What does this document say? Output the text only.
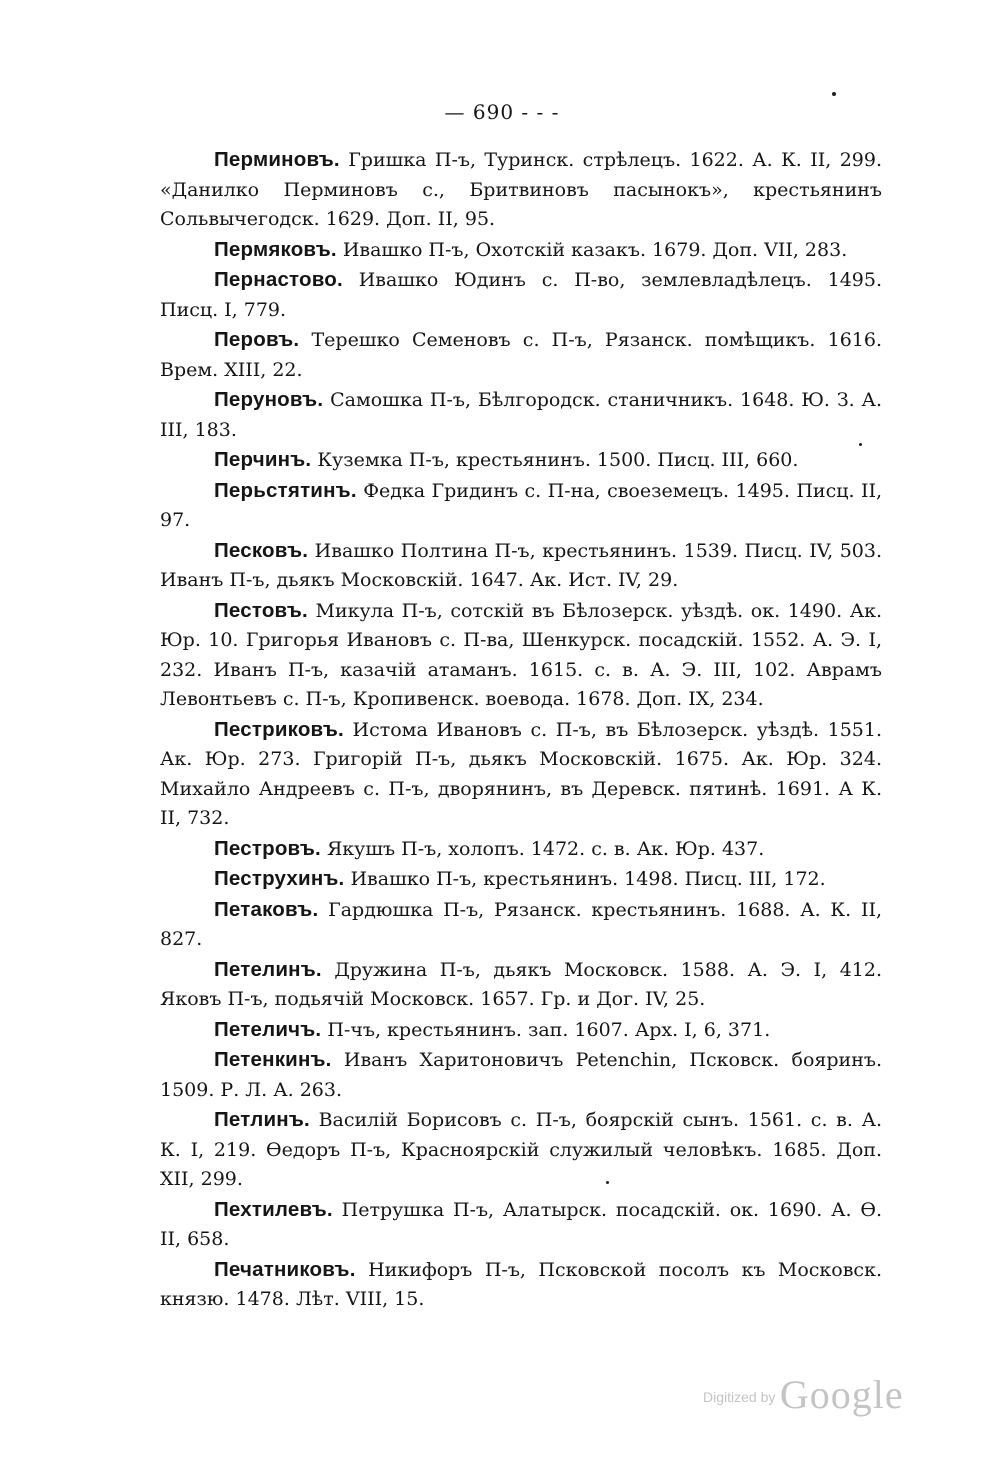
— 690 - - -

Перминовъ. Гришка П-ъ, Туринск. стрѣлецъ. 1622. А. К. II, 299. «Данилко Перминовъ с., Бритвиновъ пасынокъ», крестьянинъ Сольвычегодск. 1629. Доп. II, 95.

Пермяковъ. Ивашко П-ъ, Охотскій казакъ. 1679. Доп. VII, 283.

Пернастово. Ивашко Юдинъ с. П-во, землевладѣлецъ. 1495. Писц. I, 779.

Перовъ. Терешко Семеновъ с. П-ъ, Рязанск. помѣщикъ. 1616. Врем. XIII, 22.

Перуновъ. Самошка П-ъ, Бѣлгородск. станичникъ. 1648. Ю. З. А. III, 183.

Перчинъ. Куземка П-ъ, крестьянинъ. 1500. Писц. III, 660.

Перьстятинъ. Федка Гридинъ с. П-на, своеземецъ. 1495. Писц. II, 97.

Песковъ. Ивашко Полтина П-ъ, крестьянинъ. 1539. Писц. IV, 503. Иванъ П-ъ, дьякъ Московскій. 1647. Ак. Ист. IV, 29.

Пестовъ. Микула П-ъ, сотскій въ Бѣлозерск. уѣздѣ. ок. 1490. Ак. Юр. 10. Григорья Ивановъ с. П-ва, Шенкурск. посадскій. 1552. А. Э. I, 232. Иванъ П-ъ, казачій атаманъ. 1615. с. в. А. Э. III, 102. Аврамъ Левонтьевъ с. П-ъ, Кропивенск. воевода. 1678. Доп. IX, 234.

Пестриковъ. Истома Ивановъ с. П-ъ, въ Бѣлозерск. уѣздѣ. 1551. Ак. Юр. 273. Григорій П-ъ, дьякъ Московскій. 1675. Ак. Юр. 324. Михайло Андреевъ с. П-ъ, дворянинъ, въ Деревск. пятинѣ. 1691. А К. II, 732.

Пестровъ. Якушъ П-ъ, холопъ. 1472. с. в. Ак. Юр. 437.

Пеструхинъ. Ивашко П-ъ, крестьянинъ. 1498. Писц. III, 172.

Петаковъ. Гардюшка П-ъ, Рязанск. крестьянинъ. 1688. А. К. II, 827.

Петелинъ. Дружина П-ъ, дьякъ Московск. 1588. А. Э. I, 412. Яковъ П-ъ, подьячій Московск. 1657. Гр. и Дог. IV, 25.

Петеличъ. П-чъ, крестьянинъ. зап. 1607. Арх. I, 6, 371.

Петенкинъ. Иванъ Харитоновичъ Petenchin, Псковск. бояринъ. 1509. Р. Л. А. 263.

Петлинъ. Василій Борисовъ с. П-ъ, боярскій сынъ. 1561. с. в. А. К. I, 219. Ѳедоръ П-ъ, Красноярскій служилый человѣкъ. 1685. Доп. XII, 299.

Пехтилевъ. Петрушка П-ъ, Алатырск. посадскій. ок. 1690. А. Ѳ. II, 658.

Печатниковъ. Никифоръ П-ъ, Псковской посолъ къ Московск. князю. 1478. Лѣт. VIII, 15.

Digitized by Google
